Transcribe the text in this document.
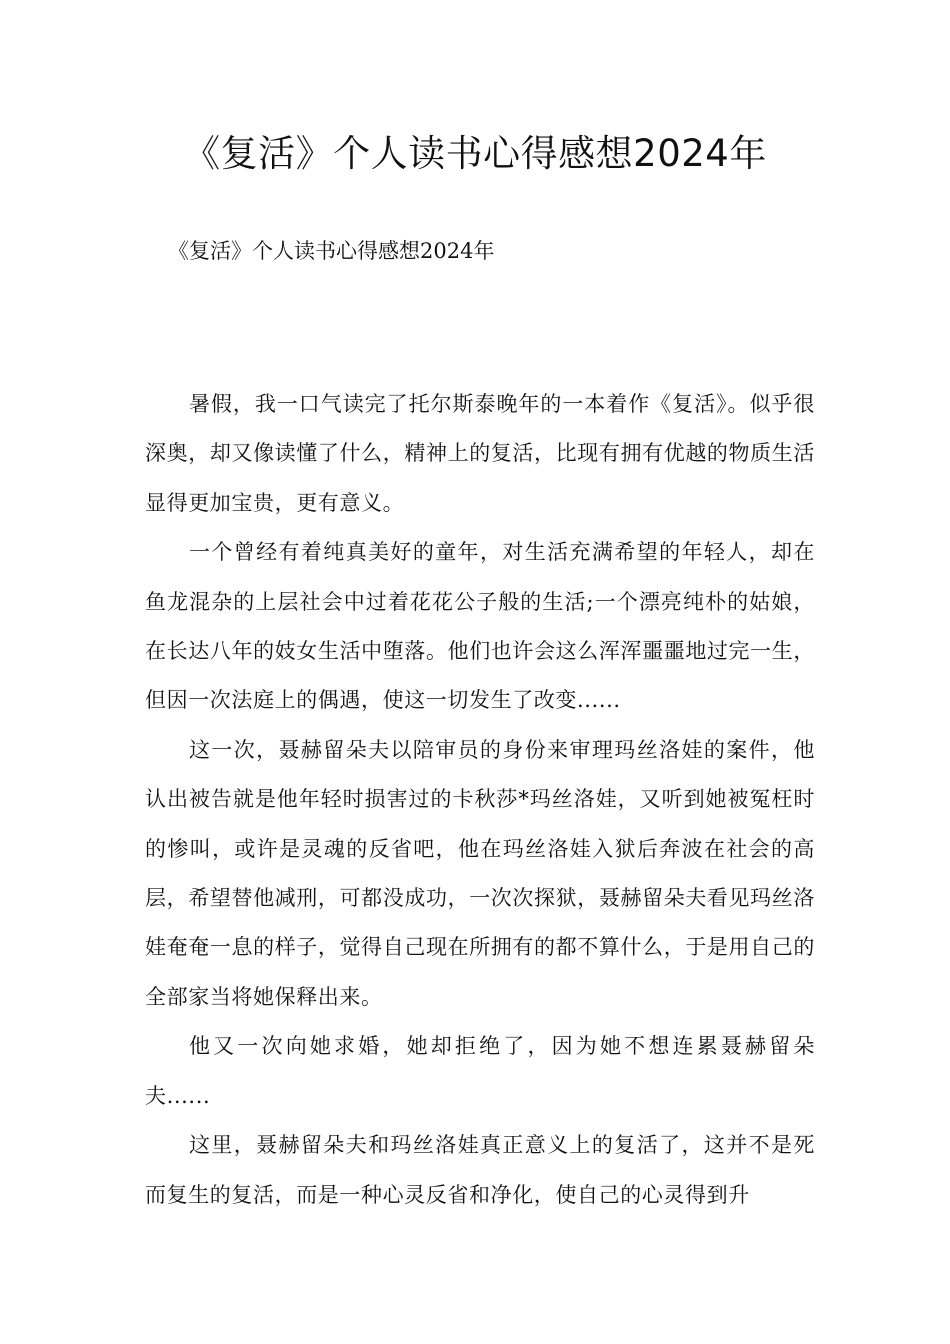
《复活》个人读书心得感想2024年

《复活》个人读书心得感想2024年

暑假，我一口气读完了托尔斯泰晚年的一本着作《复活》。似乎很深奥，却又像读懂了什么，精神上的复活，比现有拥有优越的物质生活显得更加宝贵，更有意义。

一个曾经有着纯真美好的童年，对生活充满希望的年轻人，却在鱼龙混杂的上层社会中过着花花公子般的生活;一个漂亮纯朴的姑娘，在长达八年的妓女生活中堕落。他们也许会这么浑浑噩噩地过完一生，但因一次法庭上的偶遇，使这一切发生了改变......

这一次，聂赫留朵夫以陪审员的身份来审理玛丝洛娃的案件，他认出被告就是他年轻时损害过的卡秋莎*玛丝洛娃，又听到她被冤枉时的惨叫，或许是灵魂的反省吧，他在玛丝洛娃入狱后奔波在社会的高层，希望替他减刑，可都没成功，一次次探狱，聂赫留朵夫看见玛丝洛娃奄奄一息的样子，觉得自己现在所拥有的都不算什么，于是用自己的全部家当将她保释出来。

他又一次向她求婚，她却拒绝了，因为她不想连累聂赫留朵夫......

这里，聂赫留朵夫和玛丝洛娃真正意义上的复活了，这并不是死而复生的复活，而是一种心灵反省和净化，使自己的心灵得到升
